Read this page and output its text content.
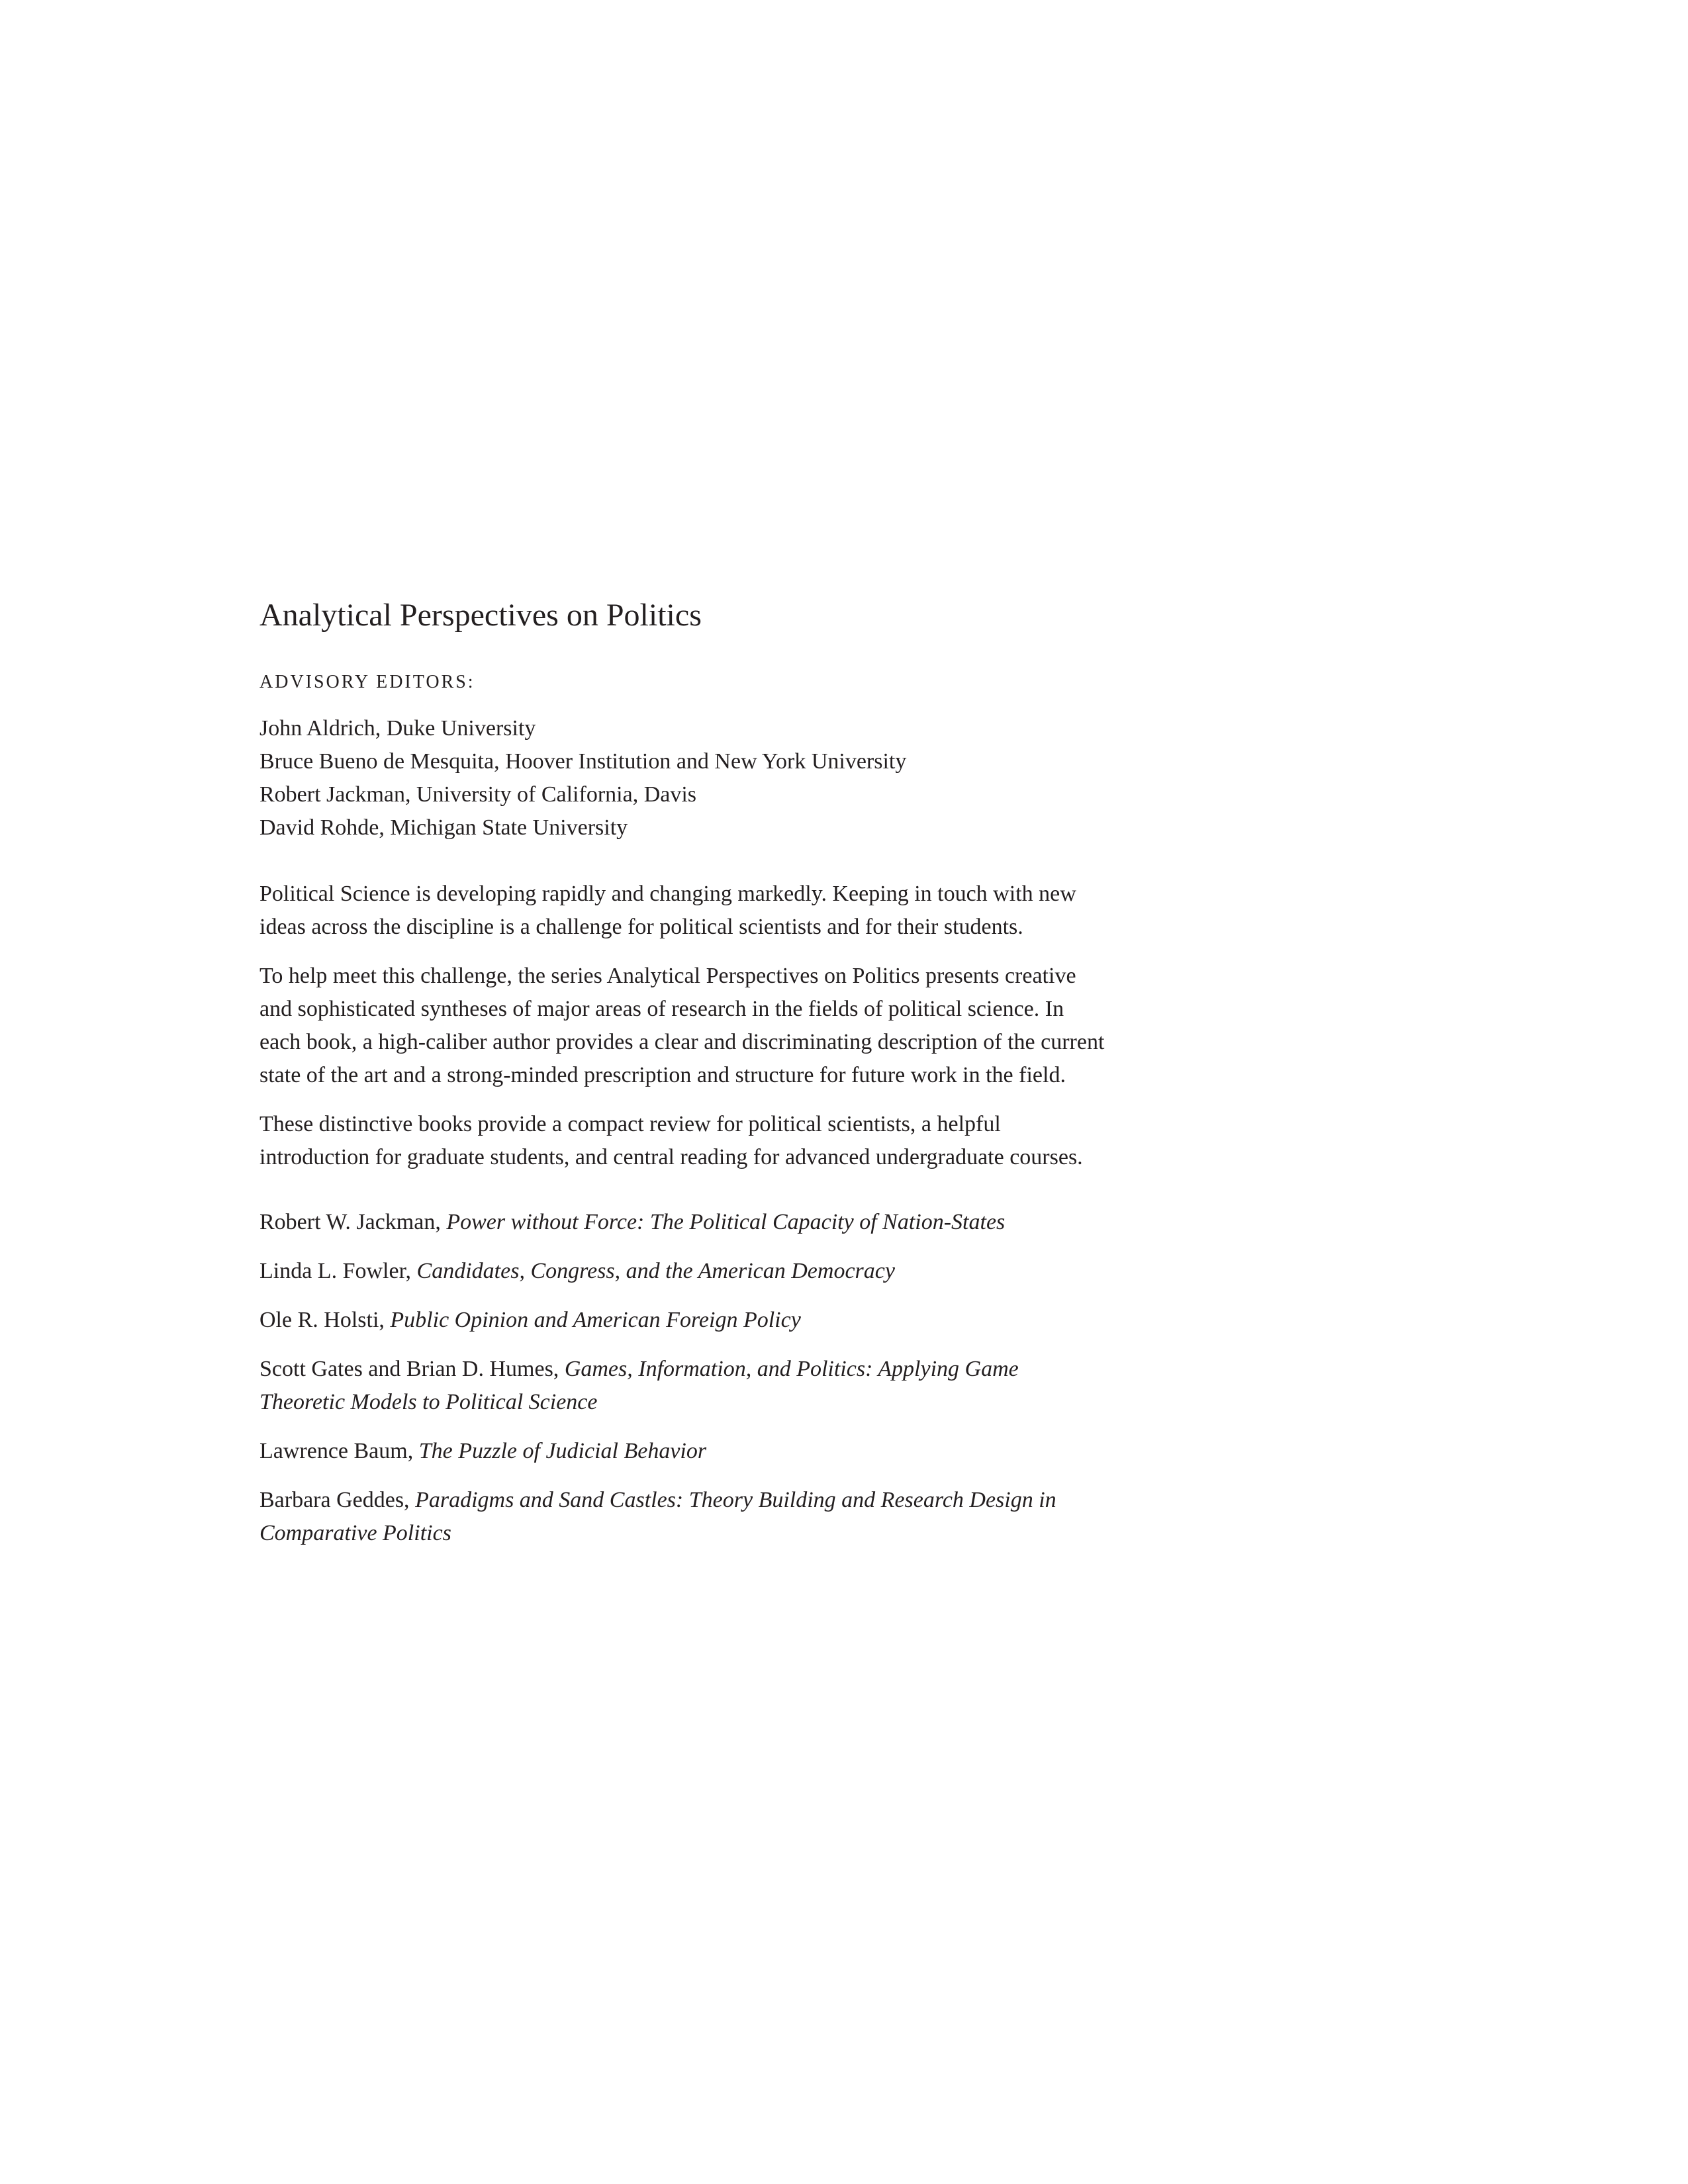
Analytical Perspectives on Politics
ADVISORY EDITORS:
John Aldrich, Duke University
Bruce Bueno de Mesquita, Hoover Institution and New York University
Robert Jackman, University of California, Davis
David Rohde, Michigan State University

Political Science is developing rapidly and changing markedly. Keeping in touch with new ideas across the discipline is a challenge for political scientists and for their students.

To help meet this challenge, the series Analytical Perspectives on Politics presents creative and sophisticated syntheses of major areas of research in the fields of political science. In each book, a high-caliber author provides a clear and discriminating description of the current state of the art and a strong-minded prescription and structure for future work in the field.

These distinctive books provide a compact review for political scientists, a helpful introduction for graduate students, and central reading for advanced undergraduate courses.

Robert W. Jackman, Power without Force: The Political Capacity of Nation-States

Linda L. Fowler, Candidates, Congress, and the American Democracy

Ole R. Holsti, Public Opinion and American Foreign Policy

Scott Gates and Brian D. Humes, Games, Information, and Politics: Applying Game Theoretic Models to Political Science

Lawrence Baum, The Puzzle of Judicial Behavior

Barbara Geddes, Paradigms and Sand Castles: Theory Building and Research Design in Comparative Politics
